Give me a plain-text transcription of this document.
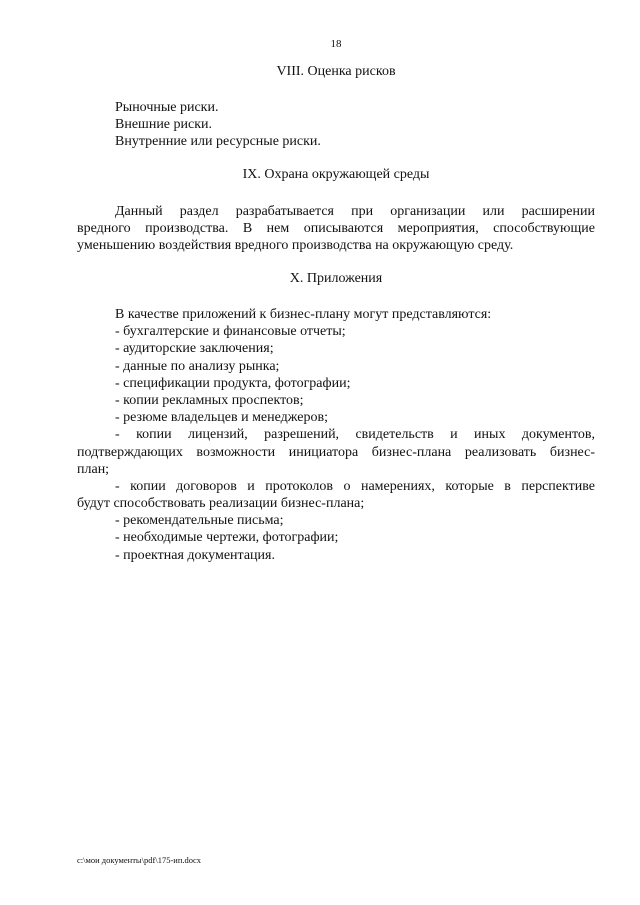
18
VIII. Оценка рисков
Рыночные риски.
Внешние риски.
Внутренние или ресурсные риски.
IX. Охрана окружающей среды
Данный раздел разрабатывается при организации или расширении
вредного производства. В нем описываются мероприятия, способствующие
уменьшению воздействия вредного производства на окружающую среду.
X. Приложения
В качестве приложений к бизнес-плану могут представляются:
- бухгалтерские и финансовые отчеты;
- аудиторские заключения;
- данные по анализу рынка;
- спецификации продукта, фотографии;
- копии рекламных проспектов;
- резюме владельцев и менеджеров;
- копии лицензий, разрешений, свидетельств и иных документов,
подтверждающих возможности инициатора бизнес-плана реализовать бизнес-
план;
- копии договоров и протоколов о намерениях, которые в перспективе
будут способствовать реализации бизнес-плана;
- рекомендательные письма;
- необходимые чертежи, фотографии;
- проектная документация.
c:\мои документы\pdf\175-ип.docx
